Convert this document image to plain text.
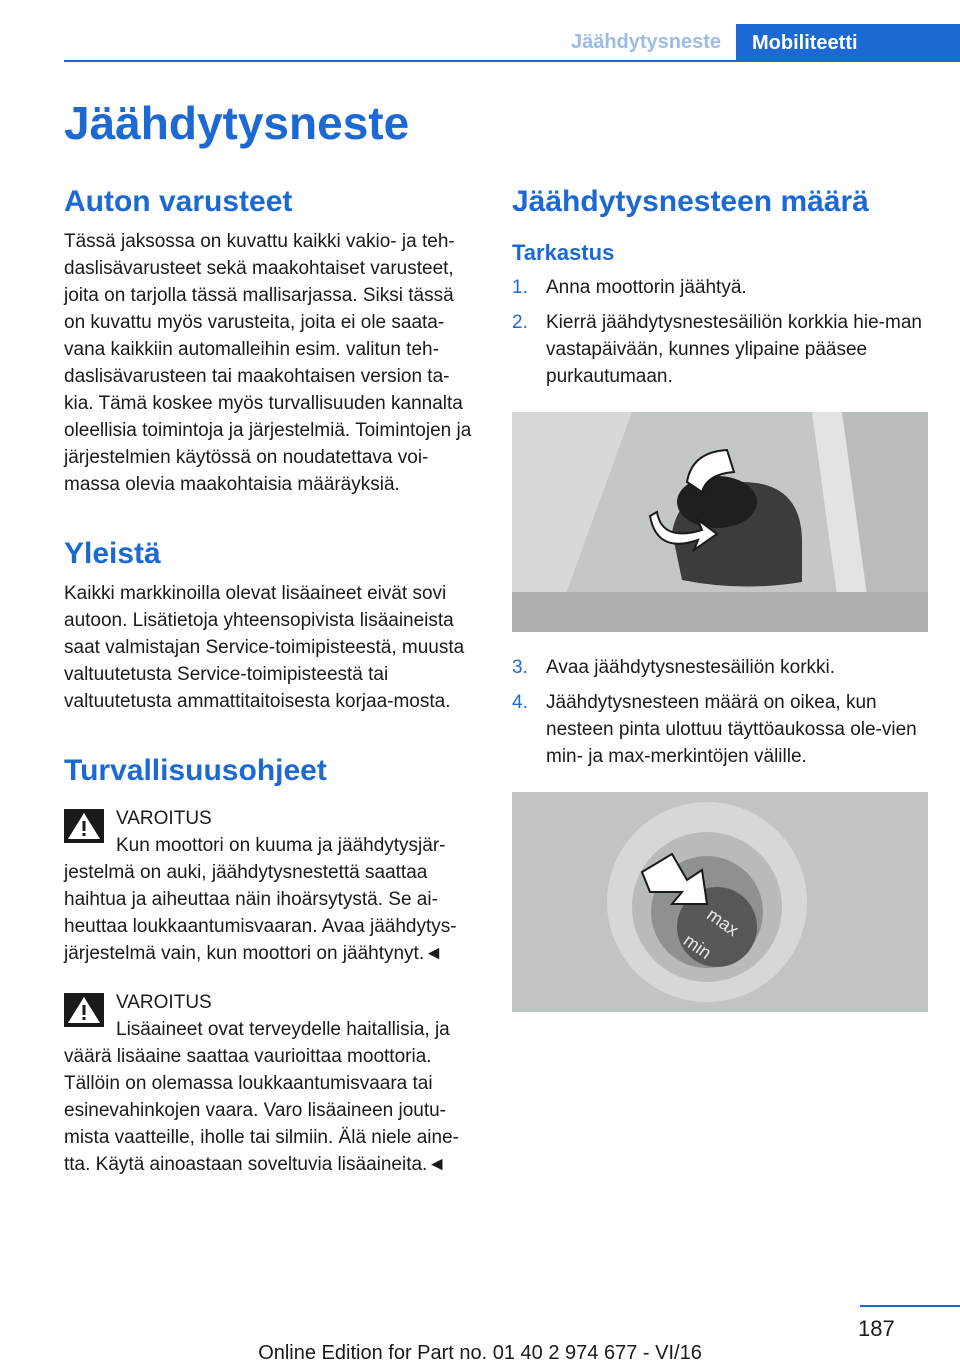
Jäähdytysneste	Mobiliteetti
Jäähdytysneste
Auton varusteet

Tässä jaksossa on kuvattu kaikki vakio- ja teh-daslisävarusteet sekä maakohtaiset varusteet, joita on tarjolla tässä mallisarjassa. Siksi tässä on kuvattu myös varusteita, joita ei ole saata-vana kaikkiin automalleihin esim. valitun teh-daslisävarusteen tai maakohtaisen version ta-kia. Tämä koskee myös turvallisuuden kannalta oleellisia toimintoja ja järjestelmiä. Toimintojen ja järjestelmien käytössä on noudatettava voi-massa olevia maakohtaisia määräyksiä.

Yleistä

Kaikki markkinoilla olevat lisäaineet eivät sovi autoon. Lisätietoja yhteensopivista lisäaineista saat valmistajan Service-toimipisteestä, muusta valtuutetusta Service-toimipisteestä tai valtuutetusta ammattitaitoisesta korjaa-mosta.

Turvallisuusohjeet
VAROITUS

Kun moottori on kuuma ja jäähdytysjär-jestelmä on auki, jäähdytysnestettä saattaa haihtua ja aiheuttaa näin ihoärsytystä. Se ai-heuttaa loukkaantumisvaaran. Avaa jäähdytys-järjestelmä vain, kun moottori on jäähtynyt.◄

VAROITUS

Lisäaineet ovat terveydelle haitallisia, ja väärä lisäaine saattaa vaurioittaa moottoria. Tällöin on olemassa loukkaantumisvaara tai esinevahinkojen vaara. Varo lisäaineen joutu-mista vaatteille, iholle tai silmiin. Älä niele aine-tta. Käytä ainoastaan soveltuvia lisäaineita.◄

Jäähdytysnesteen määrä
Tarkastus
1. Anna moottorin jäähtyä.
2. Kierrä jäähdytysnestesäiliön korkkia hie-man vastapäivään, kunnes ylipaine pääsee purkautumaan.
3. Avaa jäähdytysnestesäiliön korkki.
4. Jäähdytysnesteen määrä on oikea, kun nesteen pinta ulottuu täyttöaukossa ole-vien min- ja max-merkintöjen välille.
max
min
187
Online Edition for Part no. 01 40 2 974 677 - VI/16
